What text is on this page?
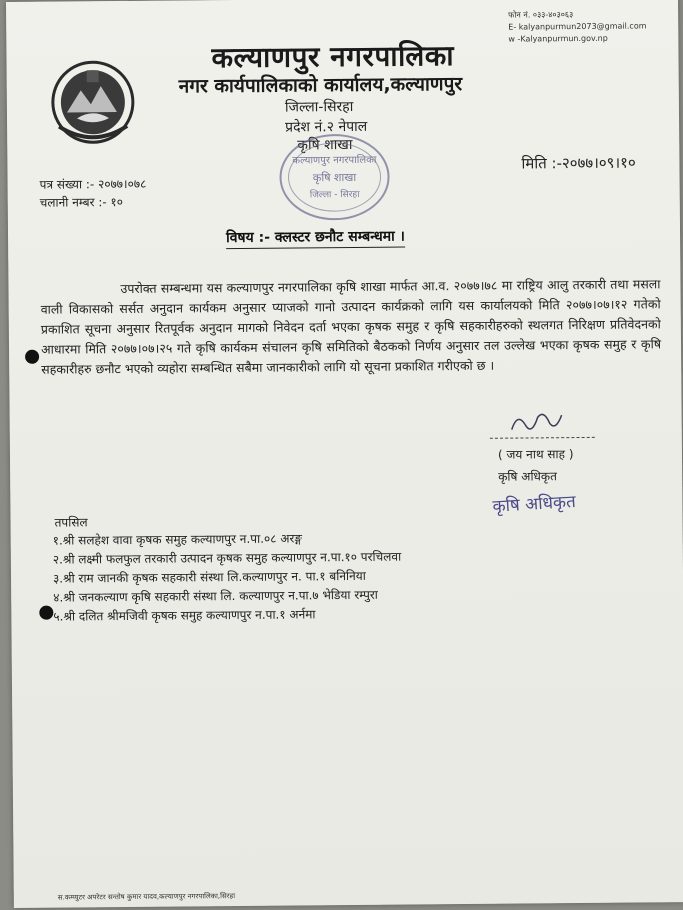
फोन नं. ०३३-४०३०६३
E- kalyanpurmun2073@gmail.com
w -Kalyanpurmun.gov.np
कल्याणपुर नगरपालिका
नगर कार्यपालिकाको कार्यालय,कल्याणपुर
जिल्ला-सिरहा
प्रदेश नं.२ नेपाल
कृषि शाखा
कल्याणपुर नगरपालिका
कृषि शाखा
जिल्ला - सिरहा
मिति :-२०७७।०९।१०
पत्र संख्या :- २०७७।०७८
चलानी नम्बर :- १०
विषय :- क्लस्टर छनौट सम्बन्धमा ।

उपरोक्त सम्बन्धमा यस कल्याणपुर नगरपालिका कृषि शाखा मार्फत आ.व. २०७७।७८ मा राष्ट्रिय आलु तरकारी तथा मसला वाली विकासको सर्सत अनुदान कार्यकम अनुसार प्याजको गानो उत्पादन कार्यक्रको लागि यस कार्यालयको मिति २०७७।०७।१२ गतेको प्रकाशित सूचना अनुसार रितपूर्वक अनुदान मागको निवेदन दर्ता भएका कृषक समुह र कृषि सहकारीहरुको स्थलगत निरिक्षण प्रतिवेदनको आधारमा मिति २०७७।०७।२५ गते कृषि कार्यकम संचालन कृषि समितिको बैठकको निर्णय अनुसार तल उल्लेख भएका कृषक समुह र कृषि सहकारीहरु छनौट भएको व्यहोरा सम्बन्धित सबैमा जानकारीको लागि यो सूचना प्रकाशित गरीएको छ ।

( जय नाथ साह )
कृषि अधिकृत
कृषि अधिकृत
तपसिल
१.श्री सलहेश वावा कृषक समुह कल्याणपुर न.पा.०८ अरङ्ग
२.श्री लक्ष्मी फलफुल तरकारी उत्पादन कृषक समुह कल्याणपुर न.पा.१० परचिलवा
३.श्री राम जानकी कृषक सहकारी संस्था लि.कल्याणपुर न. पा.१ बनिनिया
४.श्री जनकल्याण कृषि सहकारी संस्था लि. कल्याणपुर न.पा.७ भेडिया रम्पुरा
५.श्री दलित श्रीमजिवी कृषक समुह कल्याणपुर न.पा.१ अर्नमा
स.कम्प्युटर अपरेटर सन्तोष कुमार यादव,कल्याणपुर नगरपालिका,सिरहा
